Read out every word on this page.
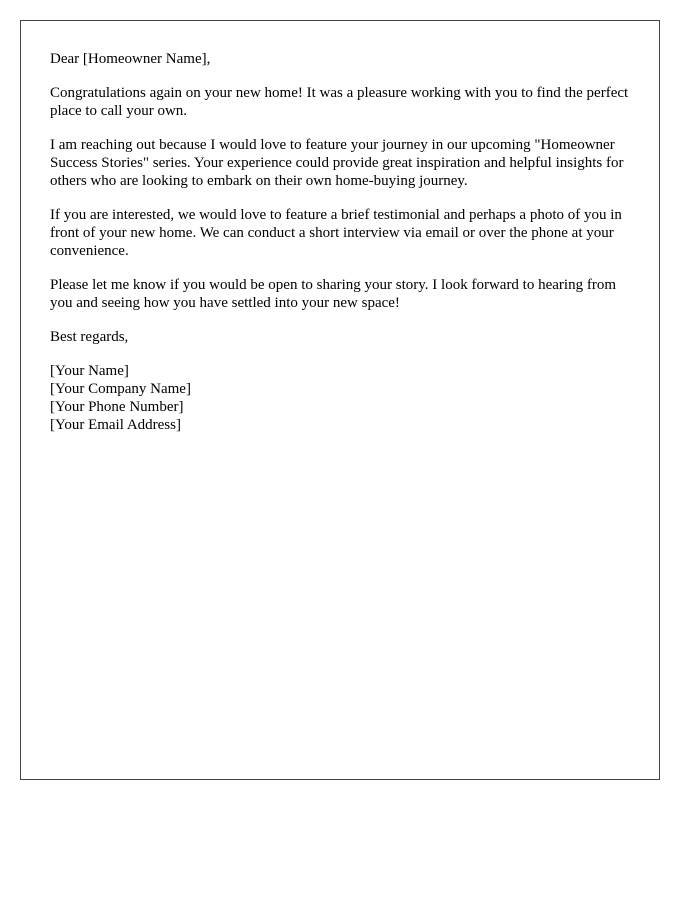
Dear [Homeowner Name],

Congratulations again on your new home! It was a pleasure working with you to find the perfect place to call your own.

I am reaching out because I would love to feature your journey in our upcoming "Homeowner Success Stories" series. Your experience could provide great inspiration and helpful insights for others who are looking to embark on their own home-buying journey.

If you are interested, we would love to feature a brief testimonial and perhaps a photo of you in front of your new home. We can conduct a short interview via email or over the phone at your convenience.

Please let me know if you would be open to sharing your story. I look forward to hearing from you and seeing how you have settled into your new space!

Best regards,

[Your Name]
[Your Company Name]
[Your Phone Number]
[Your Email Address]
